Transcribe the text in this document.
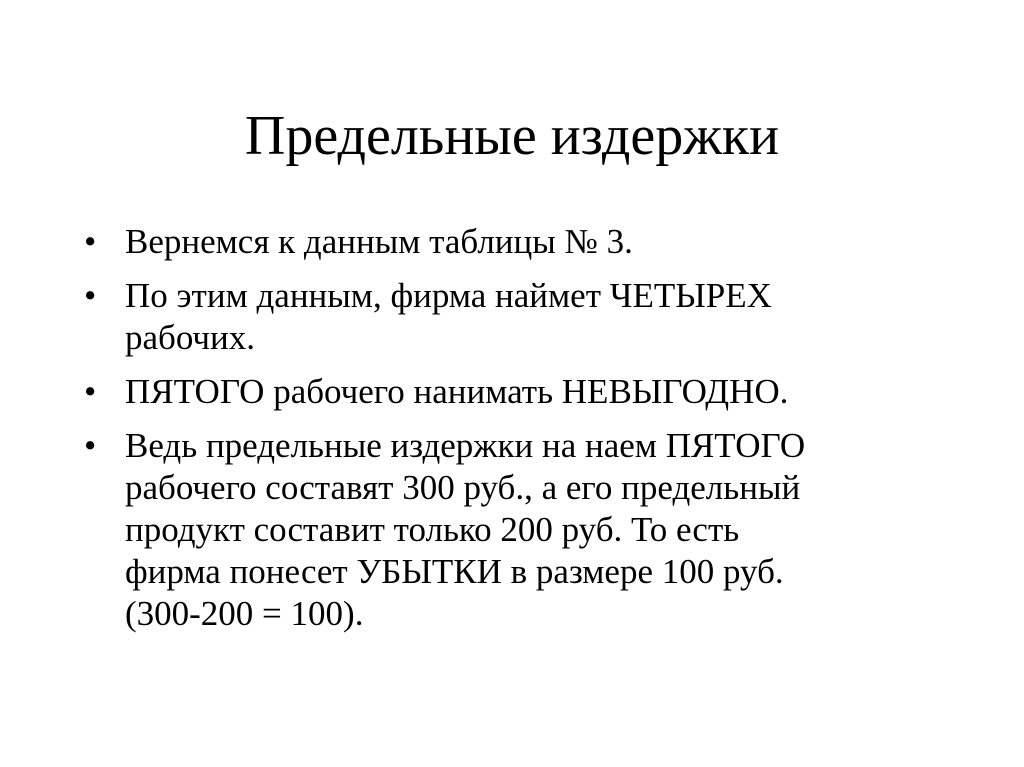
Предельные издержки
• Вернемся к данным таблицы № 3.
• По этим данным, фирма наймет ЧЕТЫРЕХ
рабочих.
• ПЯТОГО рабочего нанимать НЕВЫГОДНО.
• Ведь предельные издержки на наем ПЯТОГО
рабочего составят 300 руб., а его предельный
продукт составит только 200 руб. То есть
фирма понесет УБЫТКИ в размере 100 руб.
(300-200 = 100).
